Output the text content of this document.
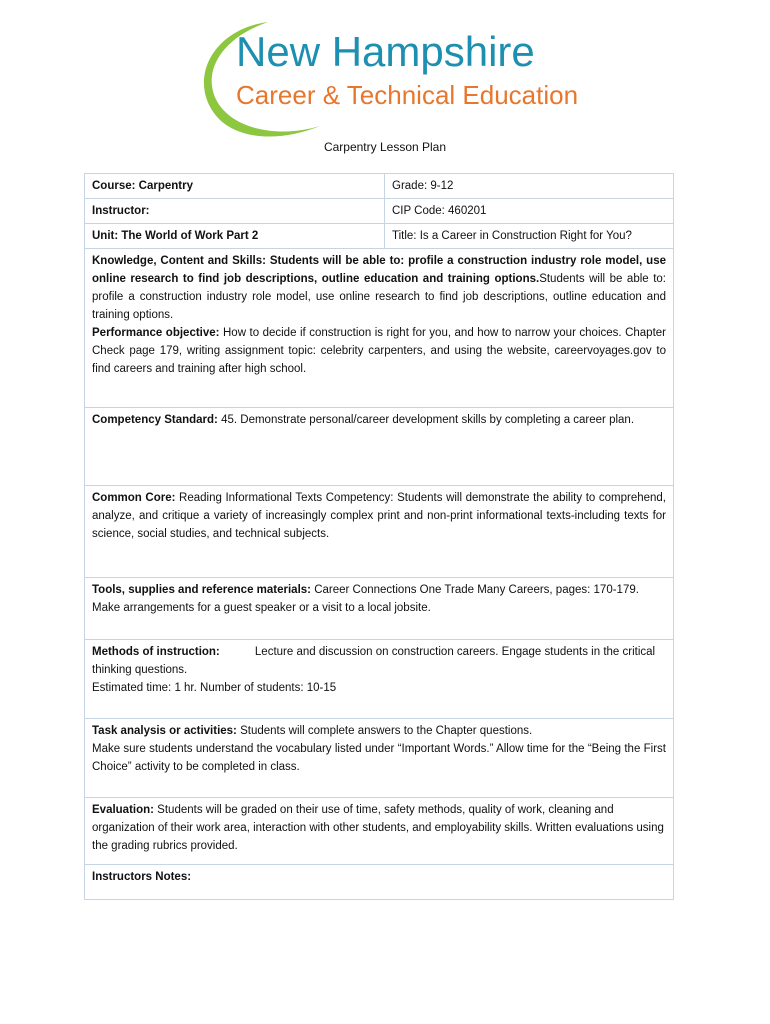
New Hampshire
Career & Technical Education
Carpentry Lesson Plan
Course: Carpentry	Grade: 9-12
Instructor:	CIP Code: 460201
Unit: The World of Work Part 2	Title: Is a Career in Construction Right for You?
Knowledge, Content and Skills: Students will be able to: profile a construction industry role model, use online research to find job descriptions, outline education and training options.Students will be able to: profile a construction industry role model, use online research to find job descriptions, outline education and training options.
Performance objective: How to decide if construction is right for you, and how to narrow your choices. Chapter Check page 179, writing assignment topic: celebrity carpenters, and using the website, careervoyages.gov to find careers and training after high school.	
Competency Standard: 45. Demonstrate personal/career development skills by completing a career plan.	
Common Core: Reading Informational Texts Competency: Students will demonstrate the ability to comprehend, analyze, and critique a variety of increasingly complex print and non-print informational texts-including texts for science, social studies, and technical subjects.	
Tools, supplies and reference materials: Career Connections One Trade Many Careers, pages: 170-179. Make arrangements for a guest speaker or a visit to a local jobsite.	
Methods of instruction:           Lecture and discussion on construction careers. Engage students in the critical thinking questions.
Estimated time: 1 hr. Number of students: 10-15	
Task analysis or activities: Students will complete answers to the Chapter questions.
Make sure students understand the vocabulary listed under “Important Words.” Allow time for the “Being the First Choice” activity to be completed in class.	
Evaluation: Students will be graded on their use of time, safety methods, quality of work, cleaning and organization of their work area, interaction with other students, and employability skills. Written evaluations using the grading rubrics provided.	
Instructors Notes:	
